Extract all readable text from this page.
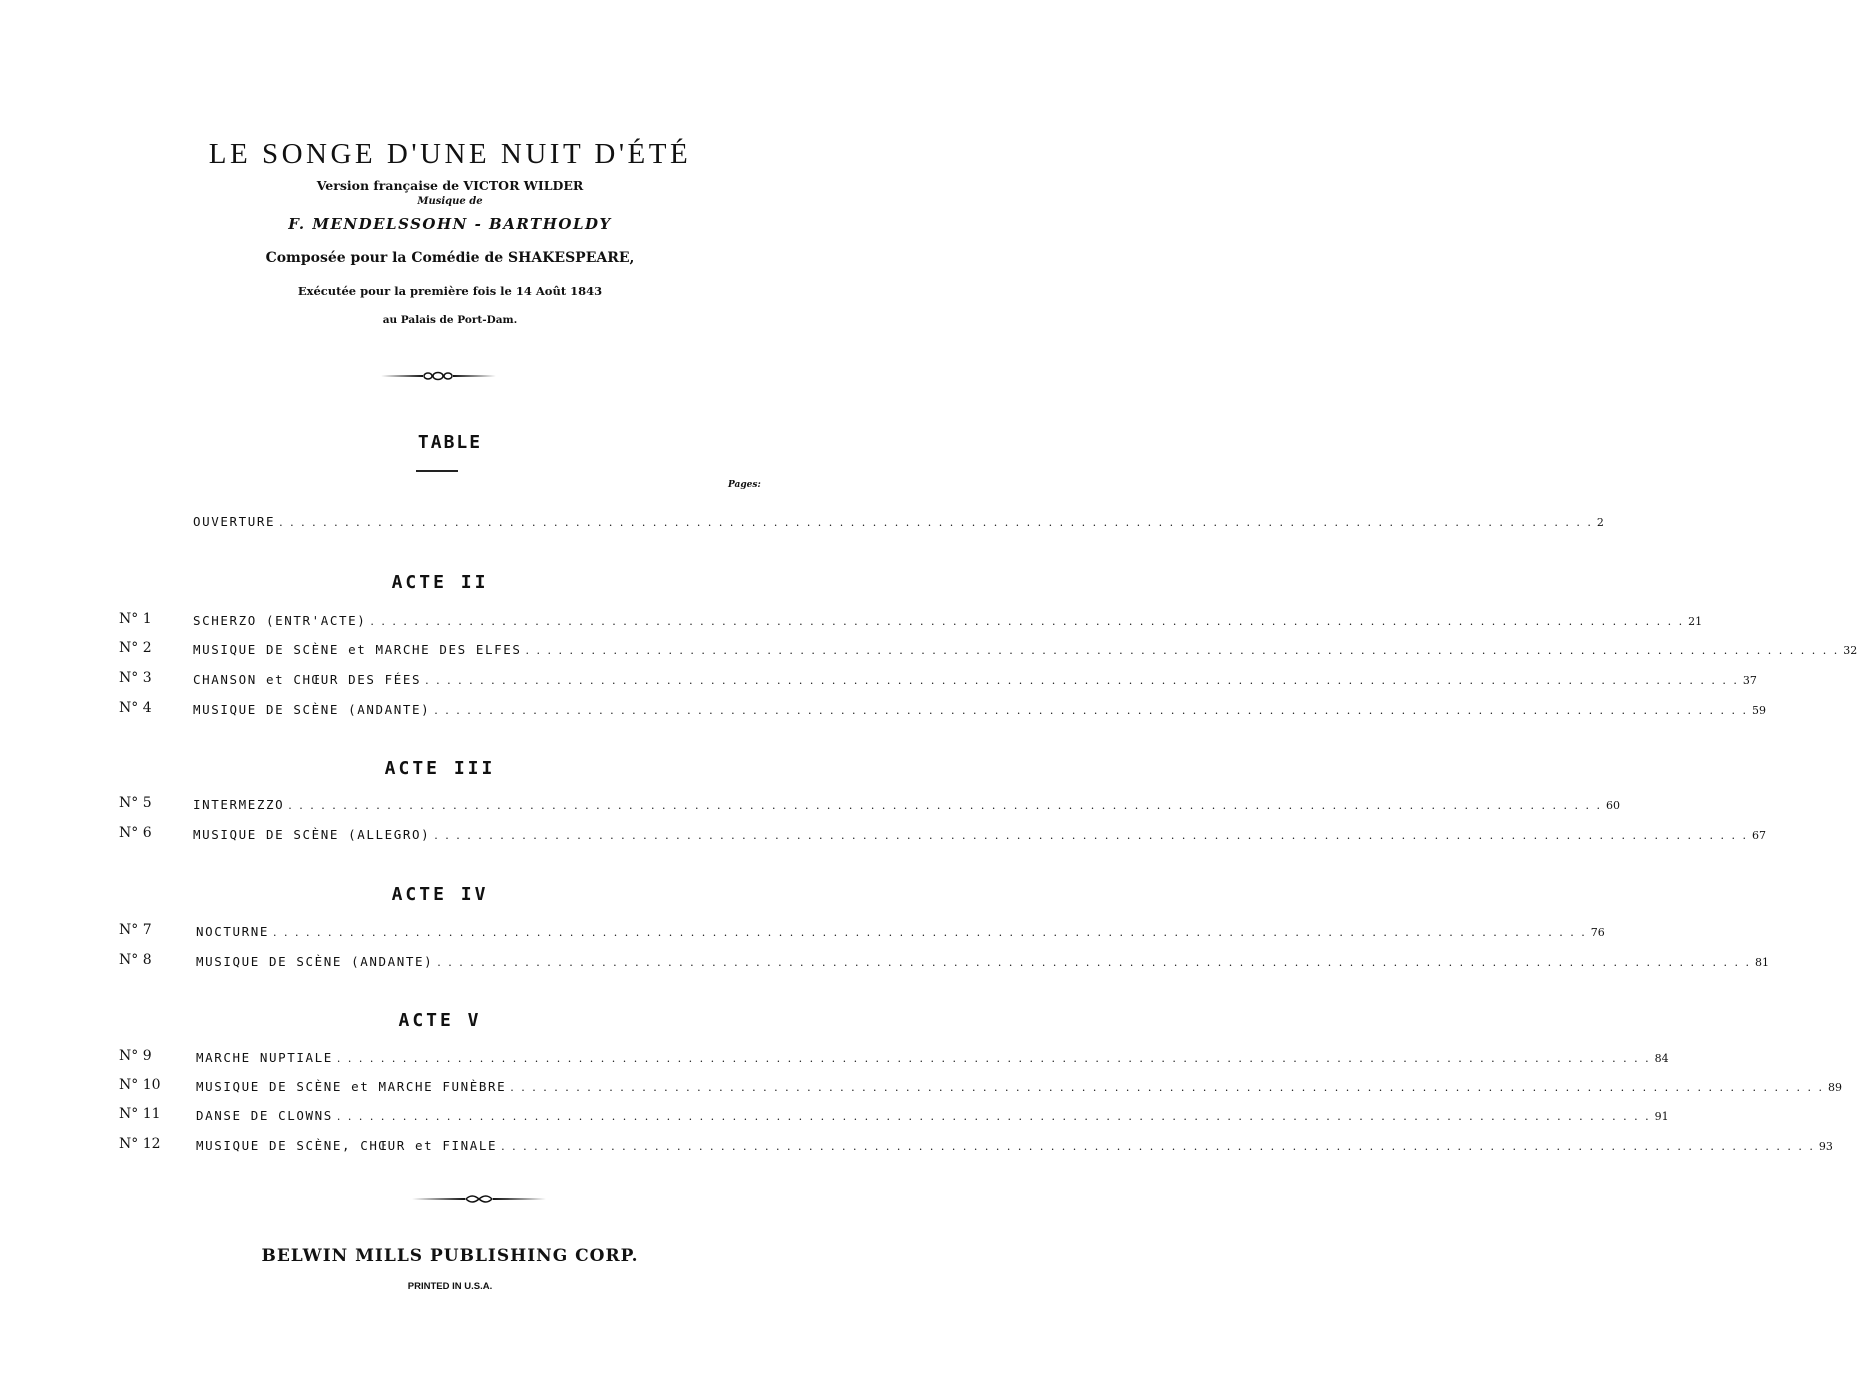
LE SONGE D'UNE NUIT D'ÉTÉ
Version française de VICTOR WILDER
Musique de
F. MENDELSSOHN - BARTHOLDY
Composée pour la Comédie de SHAKESPEARE,
Exécutée pour la première fois le 14 Août 1843
au Palais de Port-Dam.
TABLE
Pages:
OUVERTURE . . . . . . . . . . . . . . . . . . . . . . . . . . . . . . . . . . . . . . . . . . . . . . . . . . . . . . . . . . . . . . . . . . . . . . . . . . . . . . . . . . . . . . . . . . . . . . . . . . . . . . . . . . . . . . . . . . . . . . . . 2
ACTE II
N° 1	SCHERZO (ENTR'ACTE) . . . . . . . . . . . . . . . . . . . . . . . . . . . . . . . . . . . . . . . . . . . . . . . . . . . . . . . . . . . . . . . . . . . . . . . . . . . . . . . . . . . . . . . . . . . . . . . . . . . . . . . . . . . . . . . . . . . . . . . . 21
N° 2	MUSIQUE DE SCÈNE et MARCHE DES ELFES . . . . . . . . . . . . . . . . . . . . . . . . . . . . . . . . . . . . . . . . . . . . . . . . . . . . . . . . . . . . . . . . . . . . . . . . . . . . . . . . . . . . . . . . . . . . . . . . . . . . . . . . . . . . . . . . . . . . . . . . 32
N° 3	CHANSON et CHŒUR DES FÉES . . . . . . . . . . . . . . . . . . . . . . . . . . . . . . . . . . . . . . . . . . . . . . . . . . . . . . . . . . . . . . . . . . . . . . . . . . . . . . . . . . . . . . . . . . . . . . . . . . . . . . . . . . . . . . . . . . . . . . . . 37
N° 4	MUSIQUE DE SCÈNE (ANDANTE) . . . . . . . . . . . . . . . . . . . . . . . . . . . . . . . . . . . . . . . . . . . . . . . . . . . . . . . . . . . . . . . . . . . . . . . . . . . . . . . . . . . . . . . . . . . . . . . . . . . . . . . . . . . . . . . . . . . . . . . . 59
ACTE III
N° 5	INTERMEZZO . . . . . . . . . . . . . . . . . . . . . . . . . . . . . . . . . . . . . . . . . . . . . . . . . . . . . . . . . . . . . . . . . . . . . . . . . . . . . . . . . . . . . . . . . . . . . . . . . . . . . . . . . . . . . . . . . . . . . . . . 60
N° 6	MUSIQUE DE SCÈNE (ALLEGRO) . . . . . . . . . . . . . . . . . . . . . . . . . . . . . . . . . . . . . . . . . . . . . . . . . . . . . . . . . . . . . . . . . . . . . . . . . . . . . . . . . . . . . . . . . . . . . . . . . . . . . . . . . . . . . . . . . . . . . . . . 67
ACTE IV
N° 7	NOCTURNE . . . . . . . . . . . . . . . . . . . . . . . . . . . . . . . . . . . . . . . . . . . . . . . . . . . . . . . . . . . . . . . . . . . . . . . . . . . . . . . . . . . . . . . . . . . . . . . . . . . . . . . . . . . . . . . . . . . . . . . . 76
N° 8	MUSIQUE DE SCÈNE (ANDANTE) . . . . . . . . . . . . . . . . . . . . . . . . . . . . . . . . . . . . . . . . . . . . . . . . . . . . . . . . . . . . . . . . . . . . . . . . . . . . . . . . . . . . . . . . . . . . . . . . . . . . . . . . . . . . . . . . . . . . . . . . 81
ACTE V
N° 9	MARCHE NUPTIALE . . . . . . . . . . . . . . . . . . . . . . . . . . . . . . . . . . . . . . . . . . . . . . . . . . . . . . . . . . . . . . . . . . . . . . . . . . . . . . . . . . . . . . . . . . . . . . . . . . . . . . . . . . . . . . . . . . . . . . . . 84
N° 10	MUSIQUE DE SCÈNE et MARCHE FUNÈBRE . . . . . . . . . . . . . . . . . . . . . . . . . . . . . . . . . . . . . . . . . . . . . . . . . . . . . . . . . . . . . . . . . . . . . . . . . . . . . . . . . . . . . . . . . . . . . . . . . . . . . . . . . . . . . . . . . . . . . . . . 89
N° 11	DANSE DE CLOWNS . . . . . . . . . . . . . . . . . . . . . . . . . . . . . . . . . . . . . . . . . . . . . . . . . . . . . . . . . . . . . . . . . . . . . . . . . . . . . . . . . . . . . . . . . . . . . . . . . . . . . . . . . . . . . . . . . . . . . . . . 91
N° 12	MUSIQUE DE SCÈNE, CHŒUR et FINALE . . . . . . . . . . . . . . . . . . . . . . . . . . . . . . . . . . . . . . . . . . . . . . . . . . . . . . . . . . . . . . . . . . . . . . . . . . . . . . . . . . . . . . . . . . . . . . . . . . . . . . . . . . . . . . . . . . . . . . . . 93
BELWIN MILLS PUBLISHING CORP.
PRINTED IN U.S.A.
